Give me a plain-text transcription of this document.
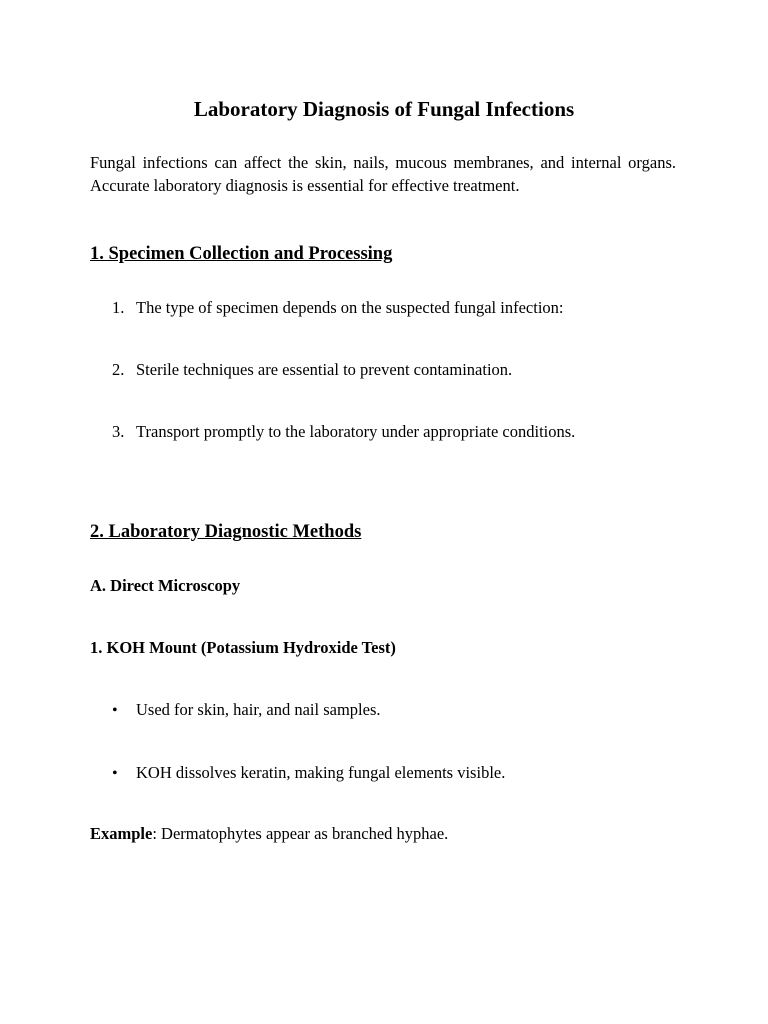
Laboratory Diagnosis of Fungal Infections

Fungal infections can affect the skin, nails, mucous membranes, and internal organs. Accurate laboratory diagnosis is essential for effective treatment.

1. Specimen Collection and Processing
1. The type of specimen depends on the suspected fungal infection:
2. Sterile techniques are essential to prevent contamination.
3. Transport promptly to the laboratory under appropriate conditions.
2. Laboratory Diagnostic Methods
A. Direct Microscopy
1. KOH Mount (Potassium Hydroxide Test)
• Used for skin, hair, and nail samples.
• KOH dissolves keratin, making fungal elements visible.

Example: Dermatophytes appear as branched hyphae.
